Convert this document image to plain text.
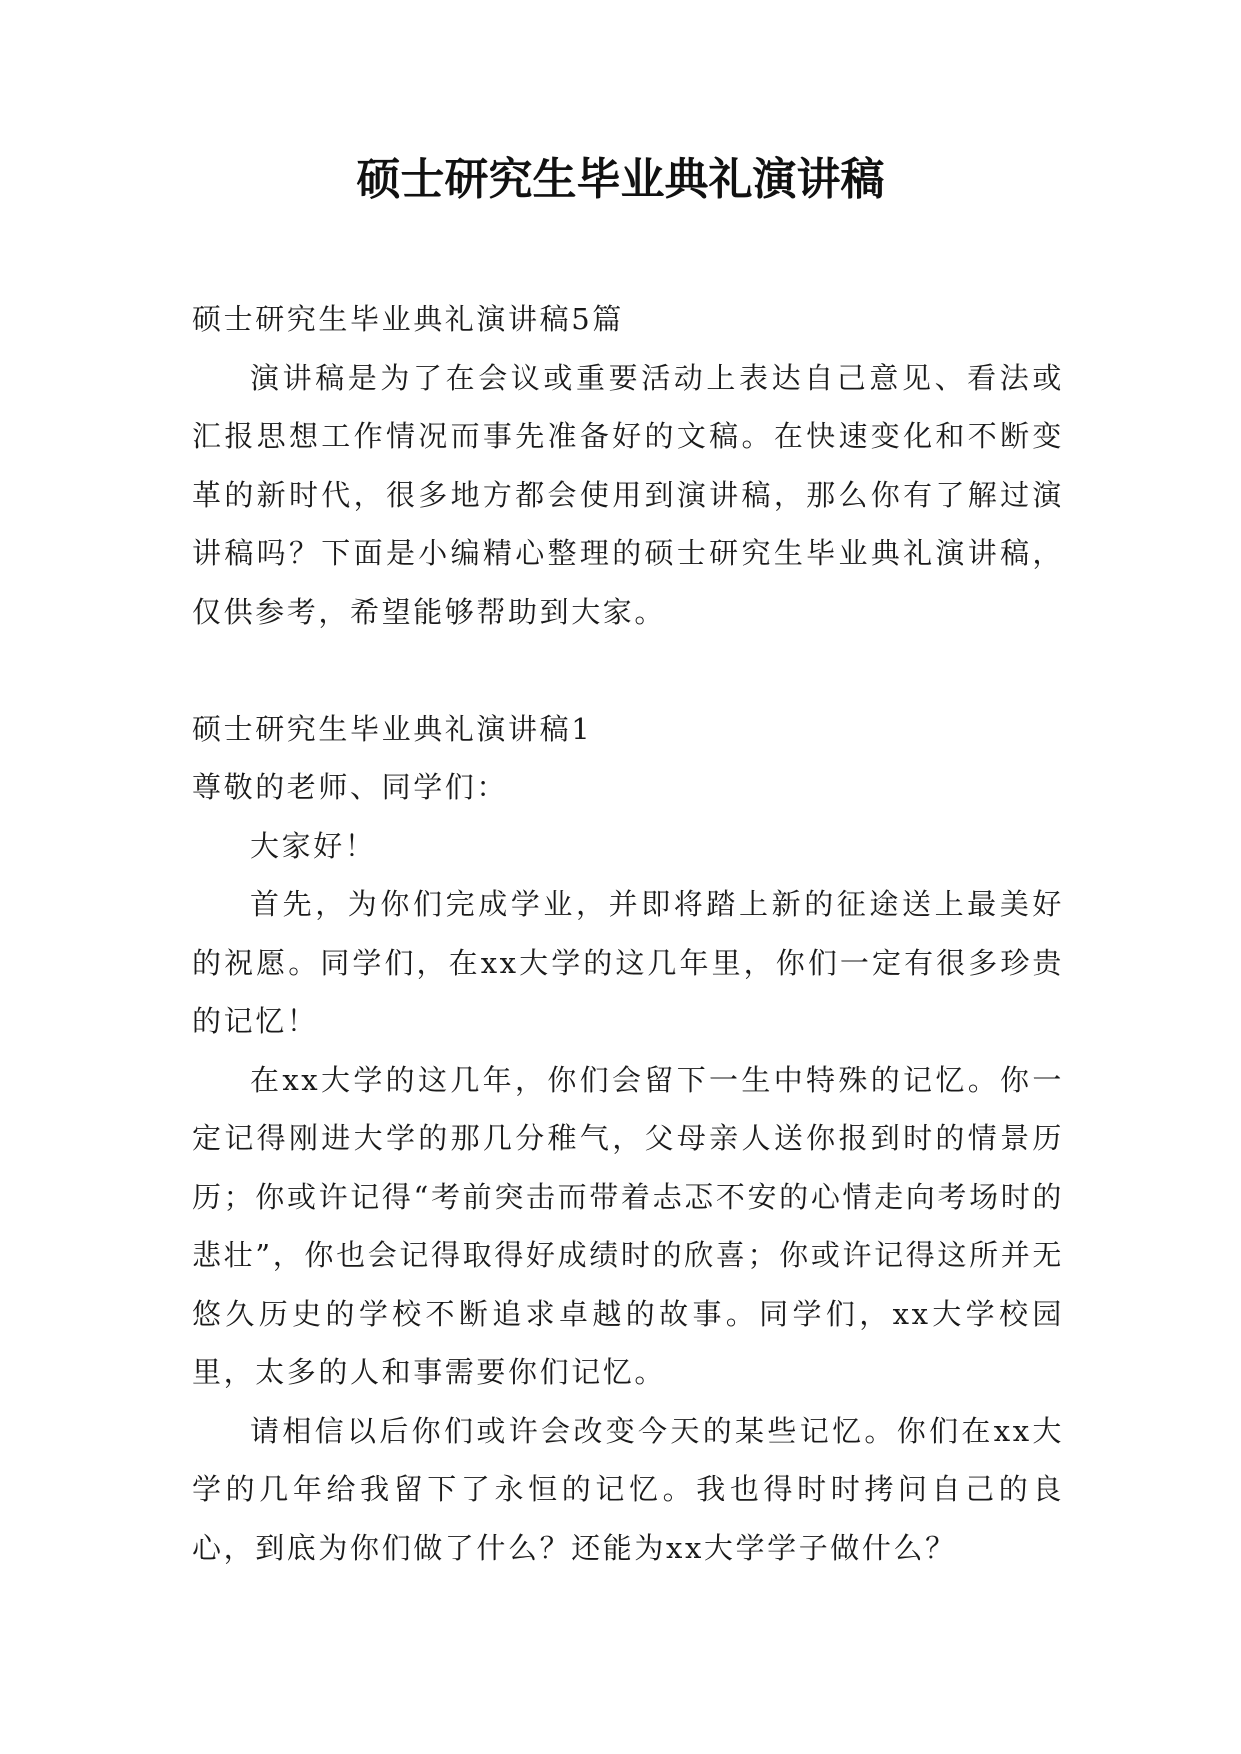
硕士研究生毕业典礼演讲稿

硕士研究生毕业典礼演讲稿5篇

演讲稿是为了在会议或重要活动上表达自己意见、看法或汇报思想工作情况而事先准备好的文稿。在快速变化和不断变革的新时代，很多地方都会使用到演讲稿，那么你有了解过演讲稿吗？下面是小编精心整理的硕士研究生毕业典礼演讲稿，仅供参考，希望能够帮助到大家。

硕士研究生毕业典礼演讲稿1

尊敬的老师、同学们：

大家好！

首先，为你们完成学业，并即将踏上新的征途送上最美好的祝愿。同学们，在xx大学的这几年里，你们一定有很多珍贵的记忆！

在xx大学的这几年，你们会留下一生中特殊的记忆。你一定记得刚进大学的那几分稚气，父母亲人送你报到时的情景历历；你或许记得“考前突击而带着忐忑不安的心情走向考场时的悲壮”，你也会记得取得好成绩时的欣喜；你或许记得这所并无悠久历史的学校不断追求卓越的故事。同学们，xx大学校园里，太多的人和事需要你们记忆。

请相信以后你们或许会改变今天的某些记忆。你们在xx大学的几年给我留下了永恒的记忆。我也得时时拷问自己的良心，到底为你们做了什么？还能为xx大学学子做什么？
